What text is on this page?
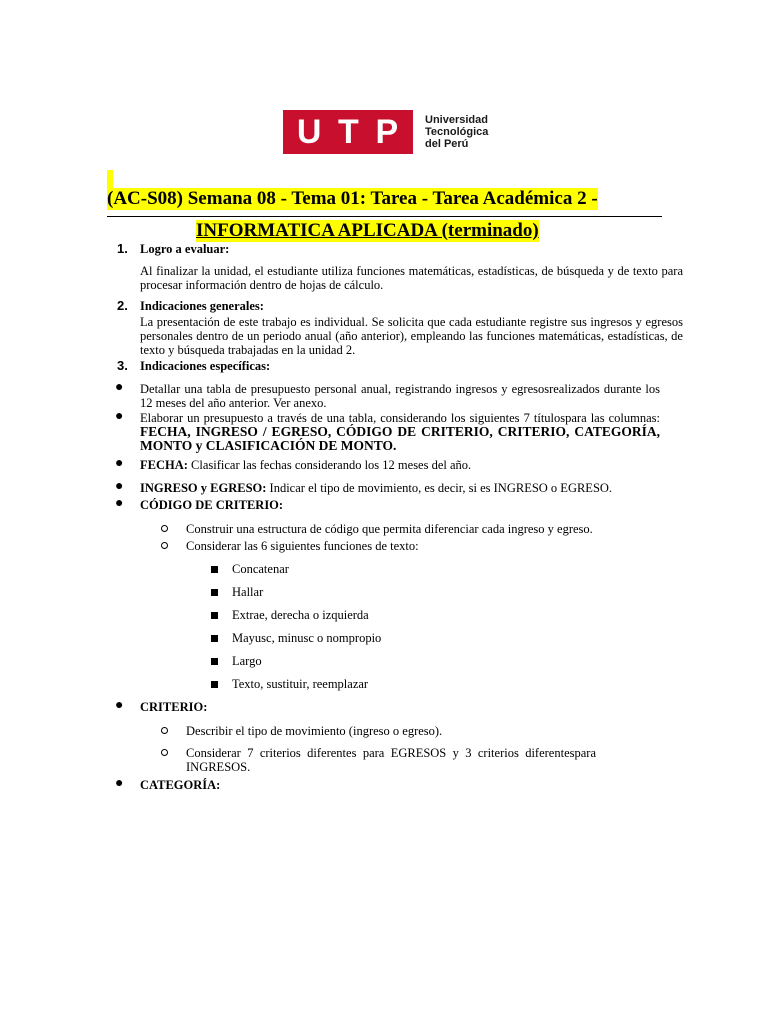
U T P Universidad
Tecnológica
del Perú
(AC-S08) Semana 08 - Tema 01: Tarea - Tarea Académica 2 -
INFORMATICA APLICADA (terminado)
1. Logro a evaluar:
Al finalizar la unidad, el estudiante utiliza funciones matemáticas, estadísticas, de búsqueda y de texto para procesar información dentro de hojas de cálculo.
2. Indicaciones generales:
La presentación de este trabajo es individual. Se solicita que cada estudiante registre sus ingresos y egresos personales dentro de un periodo anual (año anterior), empleando las funciones matemáticas, estadísticas, de texto y búsqueda trabajadas en la unidad 2.
3. Indicaciones específicas:
● Detallar una tabla de presupuesto personal anual, registrando ingresos y egresosrealizados durante los 12 meses del año anterior. Ver anexo.
● Elaborar un presupuesto a través de una tabla, considerando los siguientes 7 títulospara las columnas: FECHA, INGRESO / EGRESO, CÓDIGO DE CRITERIO, CRITERIO, CATEGORÍA, MONTO y CLASIFICACIÓN DE MONTO.
● FECHA: Clasificar las fechas considerando los 12 meses del año.
● INGRESO y EGRESO: Indicar el tipo de movimiento, es decir, si es INGRESO o EGRESO.
● CÓDIGO DE CRITERIO:
Construir una estructura de código que permita diferenciar cada ingreso y egreso.
Considerar las 6 siguientes funciones de texto:
Concatenar
Hallar
Extrae, derecha o izquierda
Mayusc, minusc o nompropio
Largo
Texto, sustituir, reemplazar
● CRITERIO:
Describir el tipo de movimiento (ingreso o egreso).
Considerar 7 criterios diferentes para EGRESOS y 3 criterios diferentespara INGRESOS.
● CATEGORÍA:
